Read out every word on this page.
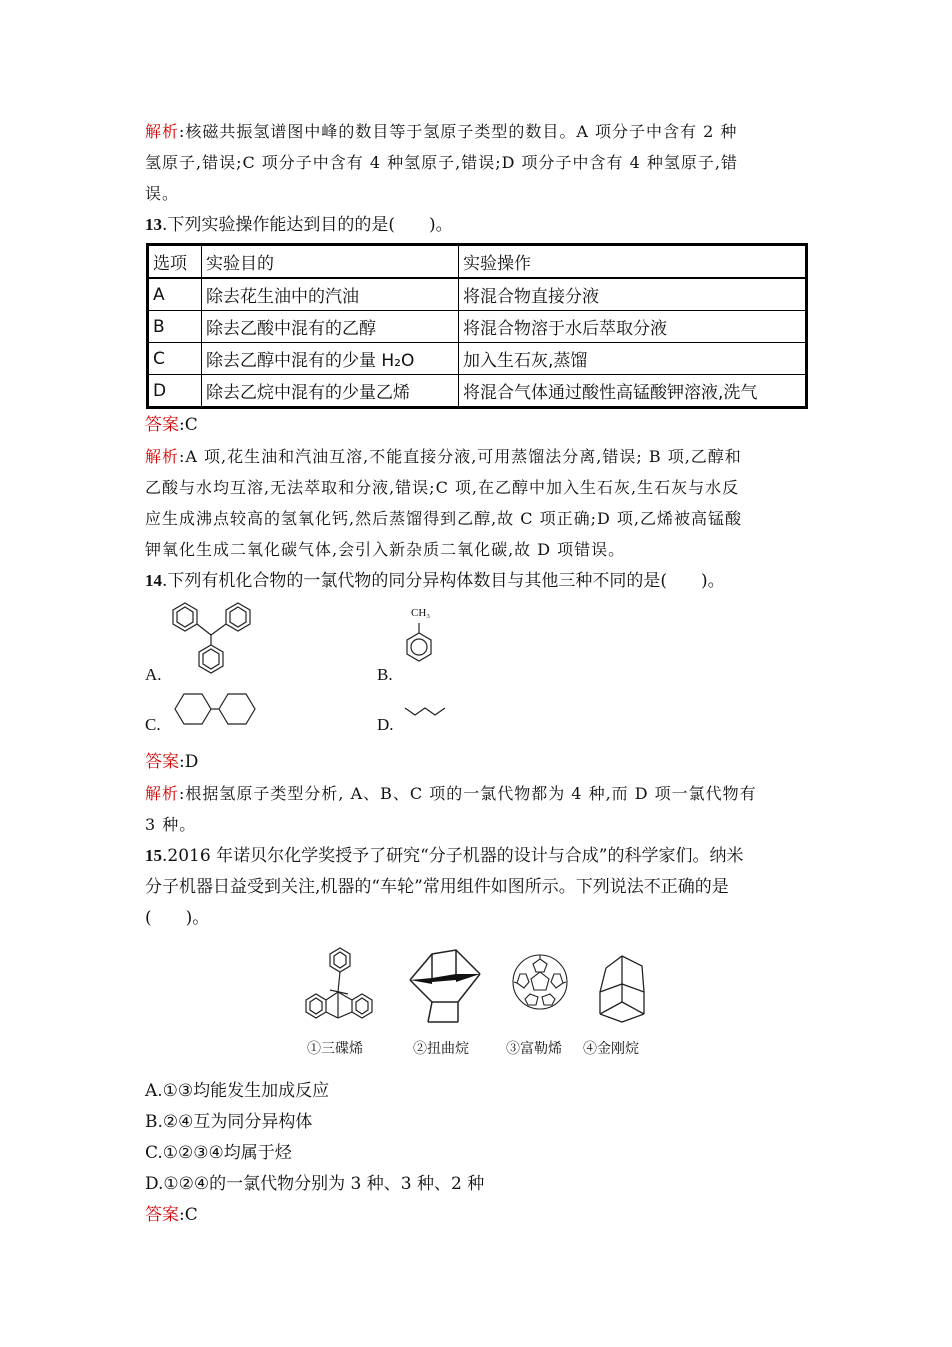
解析:核磁共振氢谱图中峰的数目等于氢原子类型的数目。A 项分子中含有 2 种
氢原子,错误;C 项分子中含有 4 种氢原子,错误;D 项分子中含有 4 种氢原子,错
误。
13.下列实验操作能达到目的的是(　　)。
选项	实验目的	实验操作
A	除去花生油中的汽油	将混合物直接分液
B	除去乙酸中混有的乙醇	将混合物溶于水后萃取分液
C	除去乙醇中混有的少量 H₂O	加入生石灰,蒸馏
D	除去乙烷中混有的少量乙烯	将混合气体通过酸性高锰酸钾溶液,洗气
答案:C
解析:A 项,花生油和汽油互溶,不能直接分液,可用蒸馏法分离,错误; B 项,乙醇和
乙酸与水均互溶,无法萃取和分液,错误;C 项,在乙醇中加入生石灰,生石灰与水反
应生成沸点较高的氢氧化钙,然后蒸馏得到乙醇,故 C 项正确;D 项,乙烯被高锰酸
钾氧化生成二氧化碳气体,会引入新杂质二氧化碳,故 D 项错误。
14.下列有机化合物的一氯代物的同分异构体数目与其他三种不同的是(　　)。
A.	B.
CH₃
C.	D.
答案:D
解析:根据氢原子类型分析, A、B、C 项的一氯代物都为 4 种,而 D 项一氯代物有
3 种。
15.2016 年诺贝尔化学奖授予了研究“分子机器的设计与合成”的科学家们。纳米
分子机器日益受到关注,机器的“车轮”常用组件如图所示。下列说法不正确的是
(　　)。
①三碟烯	②扭曲烷	③富勒烯 ④金刚烷
A.①③均能发生加成反应
B.②④互为同分异构体
C.①②③④均属于烃
D.①②④的一氯代物分别为 3 种、3 种、2 种
答案:C
